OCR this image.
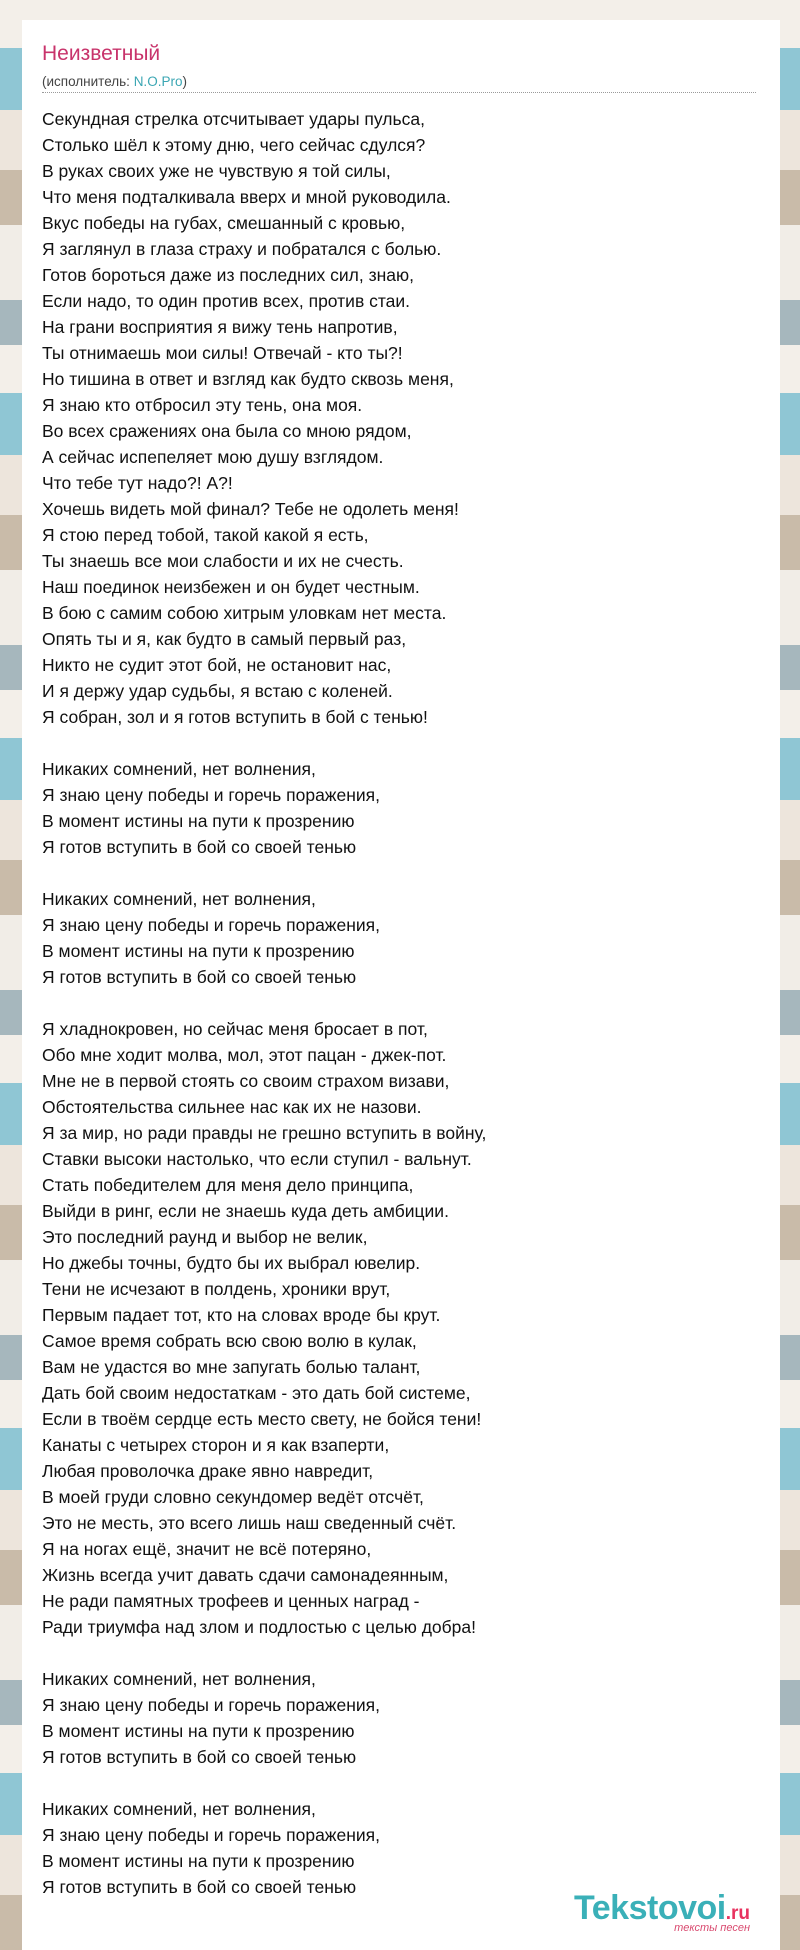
Неизветный
(исполнитель: N.O.Pro)
Секундная стрелка отсчитывает удары пульса,
Столько шёл к этому дню, чего сейчас сдулся?
В руках своих уже не чувствую я той силы,
Что меня подталкивала вверх и мной руководила.
Вкус победы на губах, смешанный с кровью,
Я заглянул в глаза страху и побратался с болью.
Готов бороться даже из последних сил, знаю,
Если надо, то один против всех, против стаи.
На грани восприятия я вижу тень напротив,
Ты отнимаешь мои силы! Отвечай - кто ты?!
Но тишина в ответ и взгляд как будто сквозь меня,
Я знаю кто отбросил эту тень, она моя.
Во всех сражениях она была со мною рядом,
А сейчас испепеляет мою душу взглядом.
Что тебе тут надо?! А?!
Хочешь видеть мой финал? Тебе не одолеть меня!
Я стою перед тобой, такой какой я есть,
Ты знаешь все мои слабости и их не счесть.
Наш поединок неизбежен и он будет честным.
В бою с самим собою хитрым уловкам нет места.
Опять ты и я, как будто в самый первый раз,
Никто не судит этот бой, не остановит нас,
И я держу удар судьбы, я встаю с коленей.
Я собран, зол и я готов вступить в бой с тенью!
Никаких сомнений, нет волнения,
Я знаю цену победы и горечь поражения,
В момент истины на пути к прозрению
Я готов вступить в бой со своей тенью
Никаких сомнений, нет волнения,
Я знаю цену победы и горечь поражения,
В момент истины на пути к прозрению
Я готов вступить в бой со своей тенью
Я хладнокровен, но сейчас меня бросает в пот,
Обо мне ходит молва, мол, этот пацан - джек-пот.
Мне не в первой стоять со своим страхом визави,
Обстоятельства сильнее нас как их не назови.
Я за мир, но ради правды не грешно вступить в войну,
Ставки высоки настолько, что если ступил - вальнут.
Стать победителем для меня дело принципа,
Выйди в ринг, если не знаешь куда деть амбиции.
Это последний раунд и выбор не велик,
Но джебы точны, будто бы их выбрал ювелир.
Тени не исчезают в полдень, хроники врут,
Первым падает тот, кто на словах вроде бы крут.
Самое время собрать всю свою волю в кулак,
Вам не удастся во мне запугать болью талант,
Дать бой своим недостаткам - это дать бой системе,
Если в твоём сердце есть место свету, не бойся тени!
Канаты с четырех сторон и я как взаперти,
Любая проволочка драке явно навредит,
В моей груди словно секундомер ведёт отсчёт,
Это не месть, это всего лишь наш сведенный счёт.
Я на ногах ещё, значит не всё потеряно,
Жизнь всегда учит давать сдачи самонадеянным,
Не ради памятных трофеев и ценных наград -
Ради триумфа над злом и подлостью с целью добра!
Никаких сомнений, нет волнения,
Я знаю цену победы и горечь поражения,
В момент истины на пути к прозрению
Я готов вступить в бой со своей тенью
Никаких сомнений, нет волнения,
Я знаю цену победы и горечь поражения,
В момент истины на пути к прозрению
Я готов вступить в бой со своей тенью
Tekstovoi.ru
тексты песен
